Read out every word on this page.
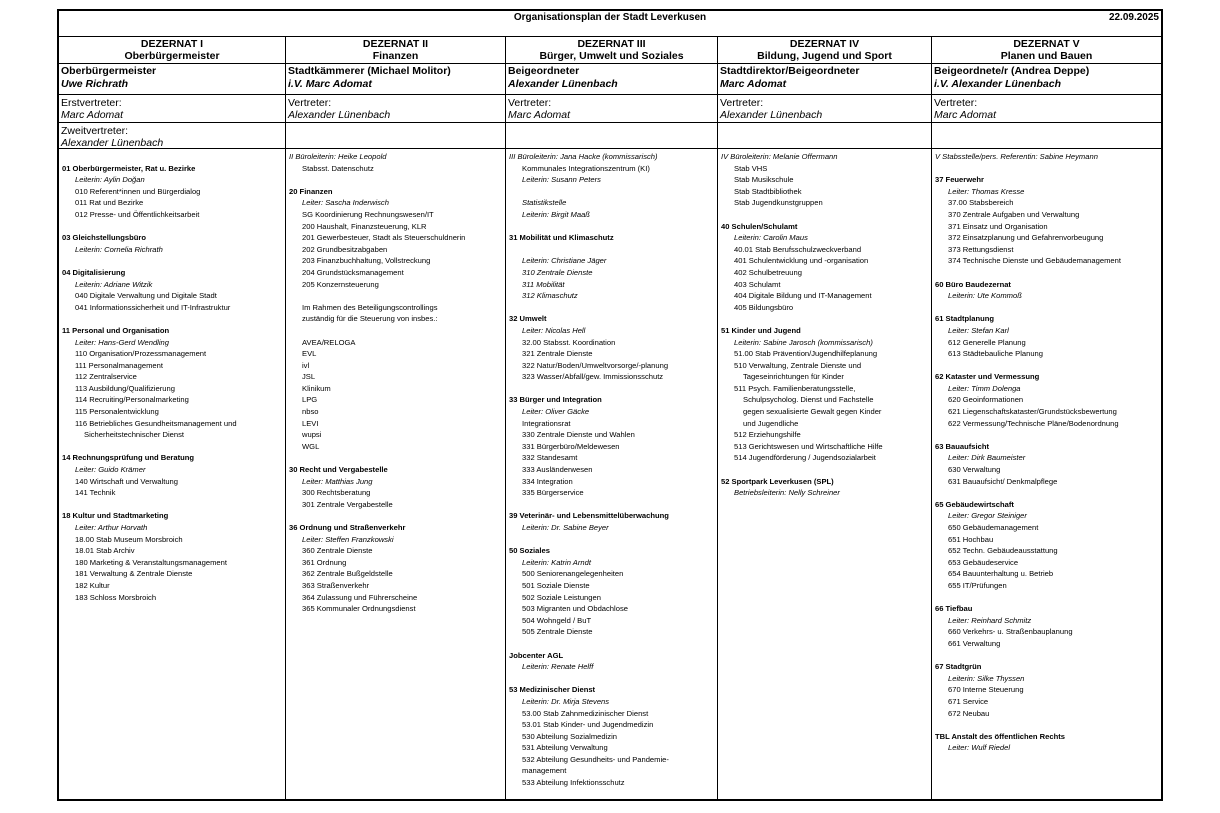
Organisationsplan der Stadt Leverkusen	22.09.2025
DEZERNAT I
Oberbürgermeister
Oberbürgermeister
Uwe Richrath
Erstvertreter:
Marc Adomat
Zweitvertreter:
Alexander Lünenbach
01 Oberbürgermeister, Rat u. Bezirke
Leiterin: Aylin Doğan
010 Referent*innen und Bürgerdialog
011 Rat und Bezirke
012 Presse- und Öffentlichkeitsarbeit
03 Gleichstellungsbüro
Leiterin: Cornelia Richrath
04 Digitalisierung
Leiterin: Adriane Witzik
040 Digitale Verwaltung und Digitale Stadt
041 Informationssicherheit und IT-Infrastruktur
11 Personal und Organisation
Leiter: Hans-Gerd Wendling
110 Organisation/Prozessmanagement
111 Personalmanagement
112 Zentralservice
113 Ausbildung/Qualifizierung
114 Recruiting/Personalmarketing
115 Personalentwicklung
116 Betriebliches Gesundheitsmanagement und
Sicherheitstechnischer Dienst
14 Rechnungsprüfung und Beratung
Leiter: Guido Krämer
140 Wirtschaft und Verwaltung
141 Technik
18 Kultur und Stadtmarketing
Leiter: Arthur Horvath
18.00 Stab Museum Morsbroich
18.01 Stab Archiv
180 Marketing & Veranstaltungsmanagement
181 Verwaltung & Zentrale Dienste
182 Kultur
183 Schloss Morsbroich
DEZERNAT II
Finanzen
Stadtkämmerer (Michael Molitor)
i.V. Marc Adomat
Vertreter:
Alexander Lünenbach
II Büroleiterin: Heike Leopold
Stabsst. Datenschutz
20 Finanzen
Leiter: Sascha Inderwisch
SG Koordinierung Rechnungswesen/IT
200 Haushalt, Finanzsteuerung, KLR
201 Gewerbesteuer, Stadt als Steuerschuldnerin
202 Grundbesitzabgaben
203 Finanzbuchhaltung, Vollstreckung
204 Grundstücksmanagement
205 Konzernsteuerung
Im Rahmen des Beteiligungscontrollings
zuständig für die Steuerung von insbes.:
AVEA/RELOGA
EVL
ivl
JSL
Klinikum
LPG
nbso
LEVI
wupsi
WGL
30 Recht und Vergabestelle
Leiter: Matthias Jung
300 Rechtsberatung
301 Zentrale Vergabestelle
36 Ordnung und Straßenverkehr
Leiter: Steffen Franzkowski
360 Zentrale Dienste
361 Ordnung
362 Zentrale Bußgeldstelle
363 Straßenverkehr
364 Zulassung und Führerscheine
365 Kommunaler Ordnungsdienst
DEZERNAT III
Bürger, Umwelt und Soziales
Beigeordneter
Alexander Lünenbach
Vertreter:
Marc Adomat
III Büroleiterin: Jana Hacke (kommissarisch)
Kommunales Integrationszentrum (KI)
Leiterin: Susann Peters
Statistikstelle
Leiterin: Birgit Maaß
31 Mobilität und Klimaschutz
Leiterin: Christiane Jäger
310 Zentrale Dienste
311 Mobilität
312 Klimaschutz
32 Umwelt
Leiter: Nicolas Hell
32.00 Stabsst. Koordination
321 Zentrale Dienste
322 Natur/Boden/Umweltvorsorge/-planung
323 Wasser/Abfall/gew. Immissionsschutz
33 Bürger und Integration
Leiter: Oliver Gäcke
Integrationsrat
330 Zentrale Dienste und Wahlen
331 Bürgerbüro/Meldewesen
332 Standesamt
333 Ausländerwesen
334 Integration
335 Bürgerservice
39 Veterinär- und Lebensmittelüberwachung
Leiterin: Dr. Sabine Beyer
50 Soziales
Leiterin: Katrin Arndt
500 Seniorenangelegenheiten
501 Soziale Dienste
502 Soziale Leistungen
503 Migranten und Obdachlose
504 Wohngeld / BuT
505 Zentrale Dienste
Jobcenter AGL
Leiterin: Renate Helff
53 Medizinischer Dienst
Leiterin: Dr. Mirja Stevens
53.00 Stab Zahnmedizinischer Dienst
53.01 Stab Kinder- und Jugendmedizin
530 Abteilung Sozialmedizin
531 Abteilung Verwaltung
532 Abteilung Gesundheits- und Pandemie-
management
533 Abteilung Infektionsschutz
DEZERNAT IV
Bildung, Jugend und Sport
Stadtdirektor/Beigeordneter
Marc Adomat
Vertreter:
Alexander Lünenbach
IV Büroleiterin: Melanie Offermann
Stab VHS
Stab Musikschule
Stab Stadtbibliothek
Stab Jugendkunstgruppen
40 Schulen/Schulamt
Leiterin: Carolin Maus
40.01 Stab Berufsschulzweckverband
401 Schulentwicklung und -organisation
402 Schulbetreuung
403 Schulamt
404 Digitale Bildung und IT-Management
405 Bildungsbüro
51 Kinder und Jugend
Leiterin: Sabine Jarosch (kommissarisch)
51.00 Stab Prävention/Jugendhilfeplanung
510 Verwaltung, Zentrale Dienste und
Tageseinrichtungen für Kinder
511 Psych. Familienberatungsstelle,
Schulpsycholog. Dienst und Fachstelle
gegen sexualisierte Gewalt gegen Kinder
und Jugendliche
512 Erziehungshilfe
513 Gerichtswesen und Wirtschaftliche Hilfe
514 Jugendförderung / Jugendsozialarbeit
52 Sportpark Leverkusen (SPL)
Betriebsleiterin: Nelly Schreiner
DEZERNAT V
Planen und Bauen
Beigeordnete/r (Andrea Deppe)
i.V. Alexander Lünenbach
Vertreter:
Marc Adomat
V Stabsstelle/pers. Referentin: Sabine Heymann
37 Feuerwehr
Leiter: Thomas Kresse
37.00 Stabsbereich
370 Zentrale Aufgaben und Verwaltung
371 Einsatz und Organisation
372 Einsatzplanung und Gefahrenvorbeugung
373 Rettungsdienst
374 Technische Dienste und Gebäudemanagement
60 Büro Baudezernat
Leiterin: Ute Kommoß
61 Stadtplanung
Leiter: Stefan Karl
612 Generelle Planung
613 Städtebauliche Planung
62 Kataster und Vermessung
Leiter: Timm Dolenga
620 Geoinformationen
621 Liegenschaftskataster/Grundstücksbewertung
622 Vermessung/Technische Pläne/Bodenordnung
63 Bauaufsicht
Leiter: Dirk Baumeister
630 Verwaltung
631 Bauaufsicht/ Denkmalpflege
65 Gebäudewirtschaft
Leiter: Gregor Steiniger
650 Gebäudemanagement
651 Hochbau
652 Techn. Gebäudeausstattung
653 Gebäudeservice
654 Bauunterhaltung u. Betrieb
655 IT/Prüfungen
66 Tiefbau
Leiter: Reinhard Schmitz
660 Verkehrs- u. Straßenbauplanung
661 Verwaltung
67 Stadtgrün
Leiterin: Silke Thyssen
670 Interne Steuerung
671 Service
672 Neubau
TBL Anstalt des öffentlichen Rechts
Leiter: Wulf Riedel
